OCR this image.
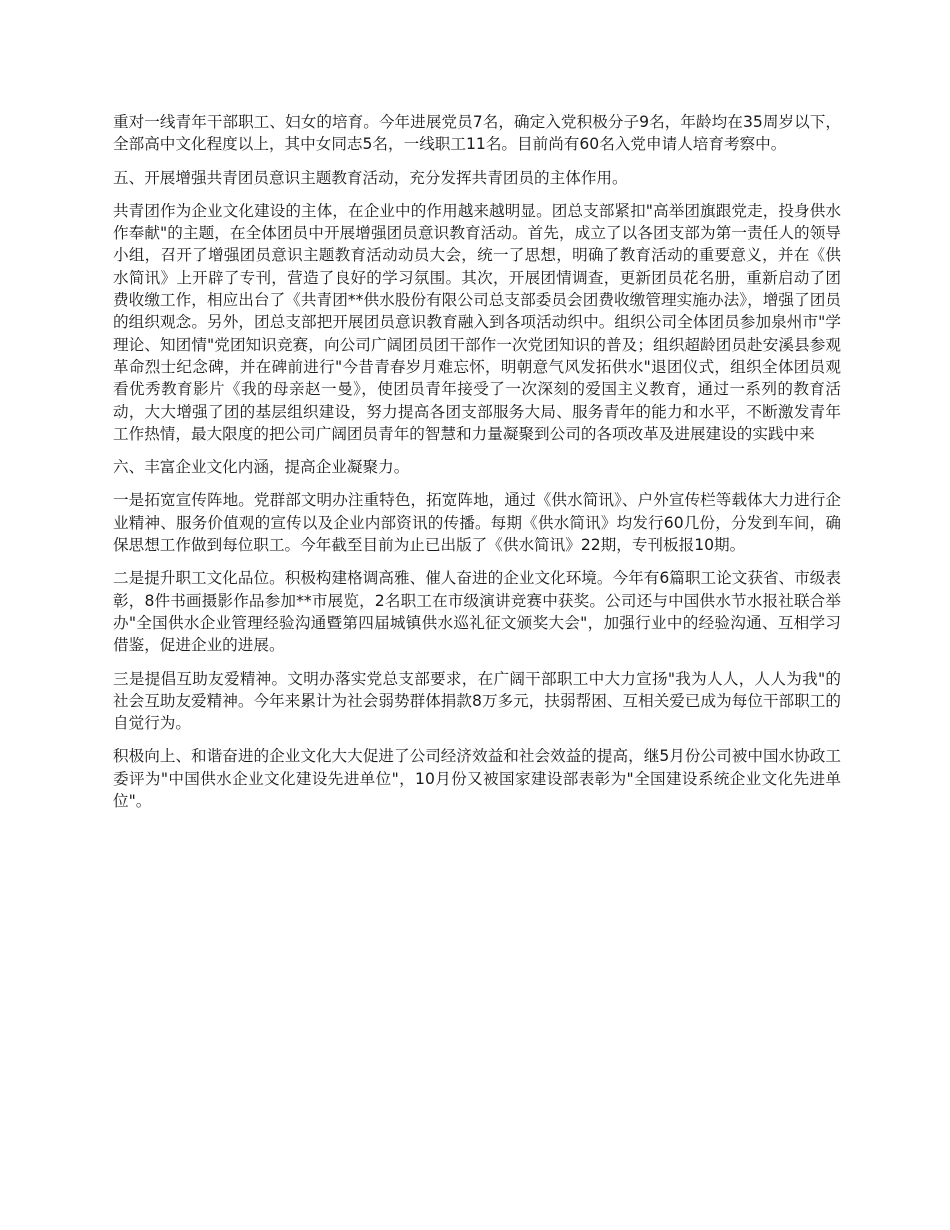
重对一线青年干部职工、妇女的培育。今年进展党员7名，确定入党积极分子9名，年龄均在35周岁以下，全部高中文化程度以上，其中女同志5名，一线职工11名。目前尚有60名入党申请人培育考察中。

五、开展增强共青团员意识主题教育活动，充分发挥共青团员的主体作用。

共青团作为企业文化建设的主体，在企业中的作用越来越明显。团总支部紧扣"高举团旗跟党走，投身供水作奉献"的主题，在全体团员中开展增强团员意识教育活动。首先，成立了以各团支部为第一责任人的领导小组，召开了增强团员意识主题教育活动动员大会，统一了思想，明确了教育活动的重要意义，并在《供水简讯》上开辟了专刊，营造了良好的学习氛围。其次，开展团情调查，更新团员花名册，重新启动了团费收缴工作，相应出台了《共青团**供水股份有限公司总支部委员会团费收缴管理实施办法》，增强了团员的组织观念。另外，团总支部把开展团员意识教育融入到各项活动织中。组织公司全体团员参加泉州市"学理论、知团情"党团知识竞赛，向公司广阔团员团干部作一次党团知识的普及；组织超龄团员赴安溪县参观革命烈士纪念碑，并在碑前进行"今昔青春岁月难忘怀，明朝意气风发拓供水"退团仪式，组织全体团员观看优秀教育影片《我的母亲赵一曼》，使团员青年接受了一次深刻的爱国主义教育，通过一系列的教育活动，大大增强了团的基层组织建设，努力提高各团支部服务大局、服务青年的能力和水平，不断激发青年工作热情，最大限度的把公司广阔团员青年的智慧和力量凝聚到公司的各项改革及进展建设的实践中来

六、丰富企业文化内涵，提高企业凝聚力。

一是拓宽宣传阵地。党群部文明办注重特色，拓宽阵地，通过《供水简讯》、户外宣传栏等载体大力进行企业精神、服务价值观的宣传以及企业内部资讯的传播。每期《供水简讯》均发行60几份，分发到车间，确保思想工作做到每位职工。今年截至目前为止已出版了《供水简讯》22期，专刊板报10期。

二是提升职工文化品位。积极构建格调高雅、催人奋进的企业文化环境。今年有6篇职工论文获省、市级表彰，8件书画摄影作品参加**市展览，2名职工在市级演讲竞赛中获奖。公司还与中国供水节水报社联合举办"全国供水企业管理经验沟通暨第四届城镇供水巡礼征文颁奖大会"，加强行业中的经验沟通、互相学习借鉴，促进企业的进展。

三是提倡互助友爱精神。文明办落实党总支部要求，在广阔干部职工中大力宣扬"我为人人，人人为我"的社会互助友爱精神。今年来累计为社会弱势群体捐款8万多元，扶弱帮困、互相关爱已成为每位干部职工的自觉行为。

积极向上、和谐奋进的企业文化大大促进了公司经济效益和社会效益的提高，继5月份公司被中国水协政工委评为"中国供水企业文化建设先进单位"，10月份又被国家建设部表彰为"全国建设系统企业文化先进单位"。
